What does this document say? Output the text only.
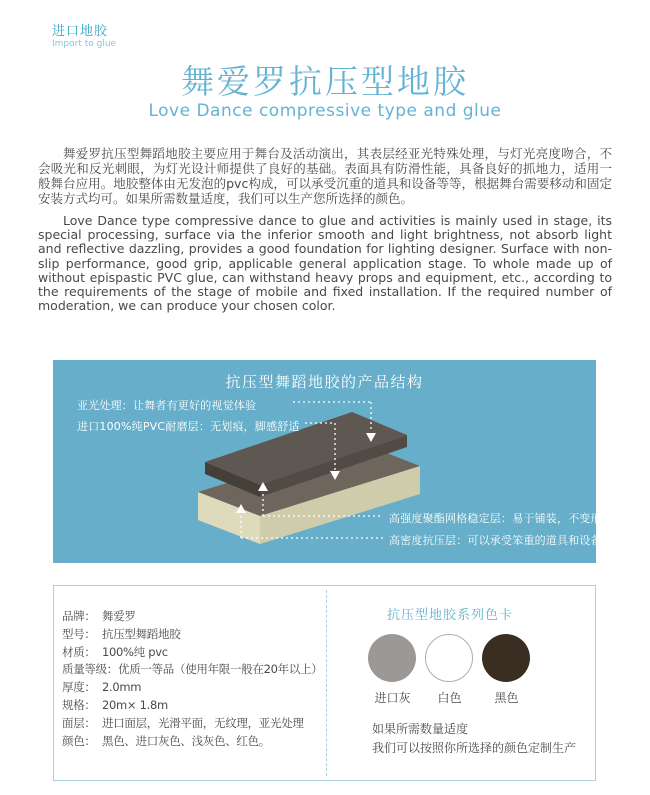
进口地胶
Import to glue
舞爱罗抗压型地胶
Love Dance compressive type and glue

舞爱罗抗压型舞蹈地胶主要应用于舞台及活动演出，其表层经亚光特殊处理，与灯光亮度吻合，不会吸光和反光刺眼，为灯光设计师提供了良好的基础。表面具有防滑性能，具备良好的抓地力，适用一般舞台应用。地胶整体由无发泡的pvc构成，可以承受沉重的道具和设备等等，根据舞台需要移动和固定安装方式均可。如果所需数量适度，我们可以生产您所选择的颜色。

Love Dance type compressive dance to glue and activities is mainly used in stage, its special processing, surface via the inferior smooth and light brightness, not absorb light and reflective dazzling, provides a good foundation for lighting designer. Surface with non-slip performance, good grip, applicable general application stage. To whole made up of without epispastic PVC glue, can withstand heavy props and equipment, etc., according to the requirements of the stage of mobile and fixed installation. If the required number of moderation, we can produce your chosen color.

抗压型舞蹈地胶的产品结构
亚光处理：让舞者有更好的视觉体验
进口100%纯PVC耐磨层：无划痕，脚感舒适
高强度聚酯网格稳定层：易于铺装，不变形
高密度抗压层：可以承受笨重的道具和设备
品牌： 舞爱罗
型号： 抗压型舞蹈地胶
材质： 100%纯 pvc
质量等级：优质一等品（使用年限一般在20年以上）
厚度： 2.0mm
规格： 20m× 1.8m
面层： 进口面层，光滑平面，无纹理，亚光处理
颜色： 黑色、进口灰色、浅灰色、红色。
抗压型地胶系列色卡
进口灰	白色	黑色
如果所需数量适度
我们可以按照你所选择的颜色定制生产
